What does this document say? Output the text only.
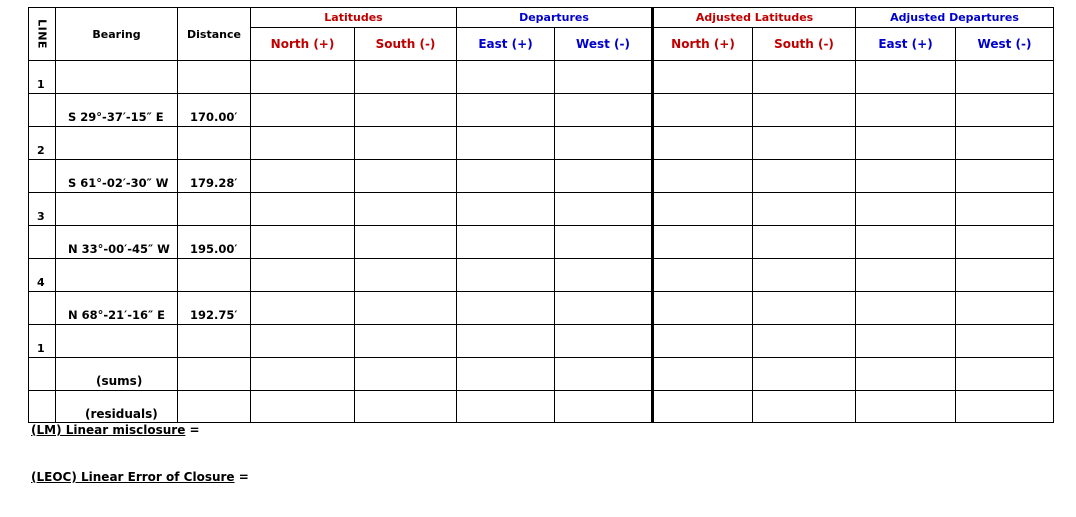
LINE	Bearing	Distance	Latitudes		Departures		Adjusted Latitudes		Adjusted Departures	
			North (+)	South (-)	East (+)	West (-)	North (+)	South (-)	East (+)	West (-)
1										
	S 29°-37′-15″ E	170.00′								
2										
	S 61°-02′-30″ W	179.28′								
3										
	N 33°-00′-45″ W	195.00′								
4										
	N 68°-21′-16″ E	192.75′								
1										
	(sums)									
	(residuals)									
(LM) Linear misclosure =
(LEOC) Linear Error of Closure =
